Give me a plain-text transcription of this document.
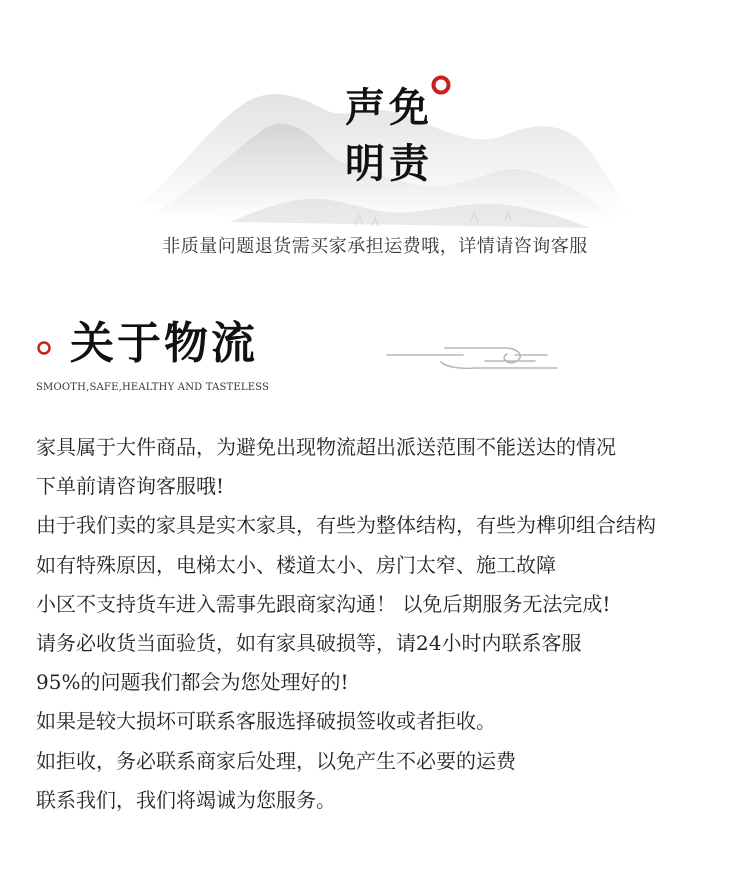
声免
明责
非质量问题退货需买家承担运费哦，详情请咨询客服
关于物流
SMOOTH,SAFE,HEALTHY AND TASTELESS
家具属于大件商品，为避免出现物流超出派送范围不能送达的情况
下单前请咨询客服哦!
由于我们卖的家具是实木家具，有些为整体结构，有些为榫卯组合结构
如有特殊原因，电梯太小、楼道太小、房门太窄、施工故障
小区不支持货车进入需事先跟商家沟通！ 以免后期服务无法完成!
请务必收货当面验货，如有家具破损等，请24小时内联系客服
95%的问题我们都会为您处理好的!
如果是较大损坏可联系客服选择破损签收或者拒收。
如拒收，务必联系商家后处理，以免产生不必要的运费
联系我们，我们将竭诚为您服务。
